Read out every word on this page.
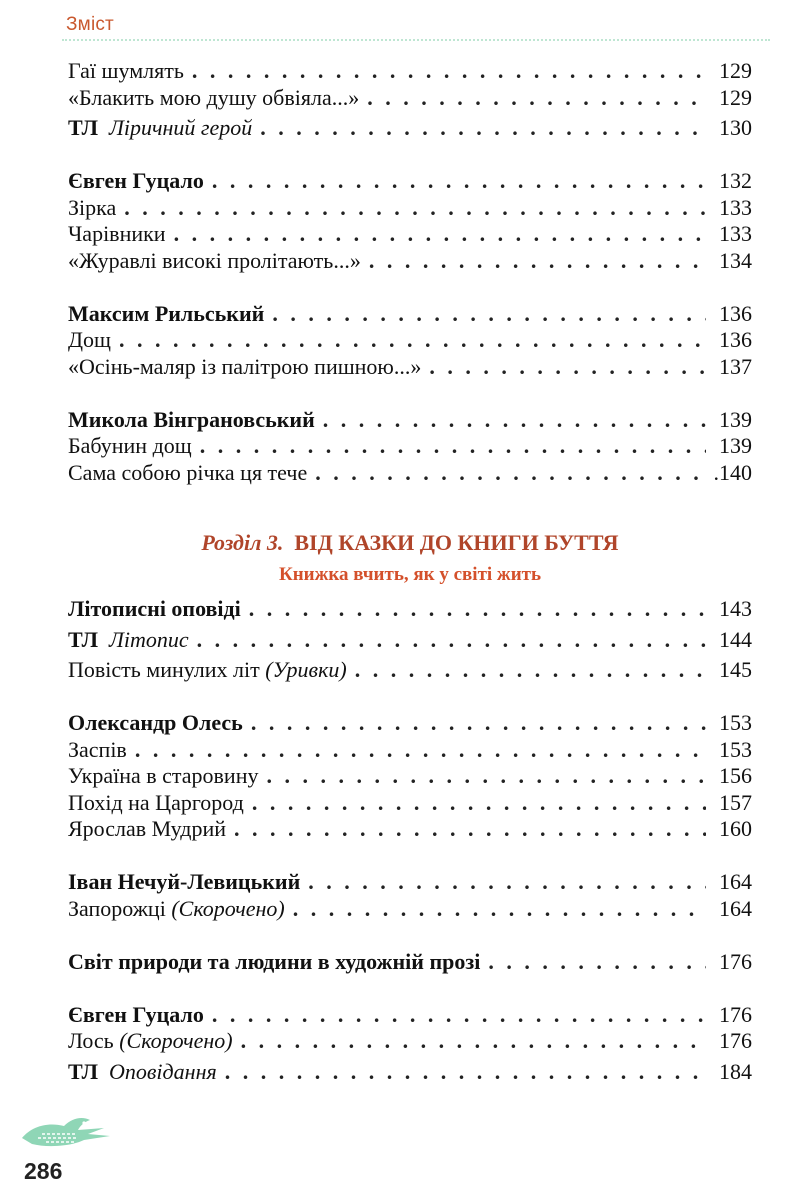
Зміст
Гаї шумлять . . .	129
«Блакить мою душу обвіяла...» . . .	129
ТЛ Ліричний герой . . .	130
Євген Гуцало . . .	132
Зірка . . .	133
Чарівники . . .	133
«Журавлі високі пролітають...» . . .	134
Максим Рильський . . .	136
Дощ . . .	136
«Осінь-маляр із палітрою пишною...» . . .	137
Микола Вінграновський . . .	139
Бабунин дощ . . .	139
Сама собою річка ця тече . . .	.140
Розділ 3. ВІД КАЗКИ ДО КНИГИ БУТТЯ
Книжка вчить, як у світі жить
Літописні оповіді . . .	143
ТЛ Літопис . . .	144
Повість минулих літ (Уривки) . . .	145
Олександр Олесь . . .	153
Заспів . . .	153
Україна в старовину . . .	156
Похід на Царгород . . .	157
Ярослав Мудрий . . .	160
Іван Нечуй-Левицький . . .	164
Запорожці (Скорочено) . . .	164
Світ природи та людини в художній прозі . . .	176
Євген Гуцало . . .	176
Лось (Скорочено) . . .	176
ТЛ Оповідання . . .	184
286
